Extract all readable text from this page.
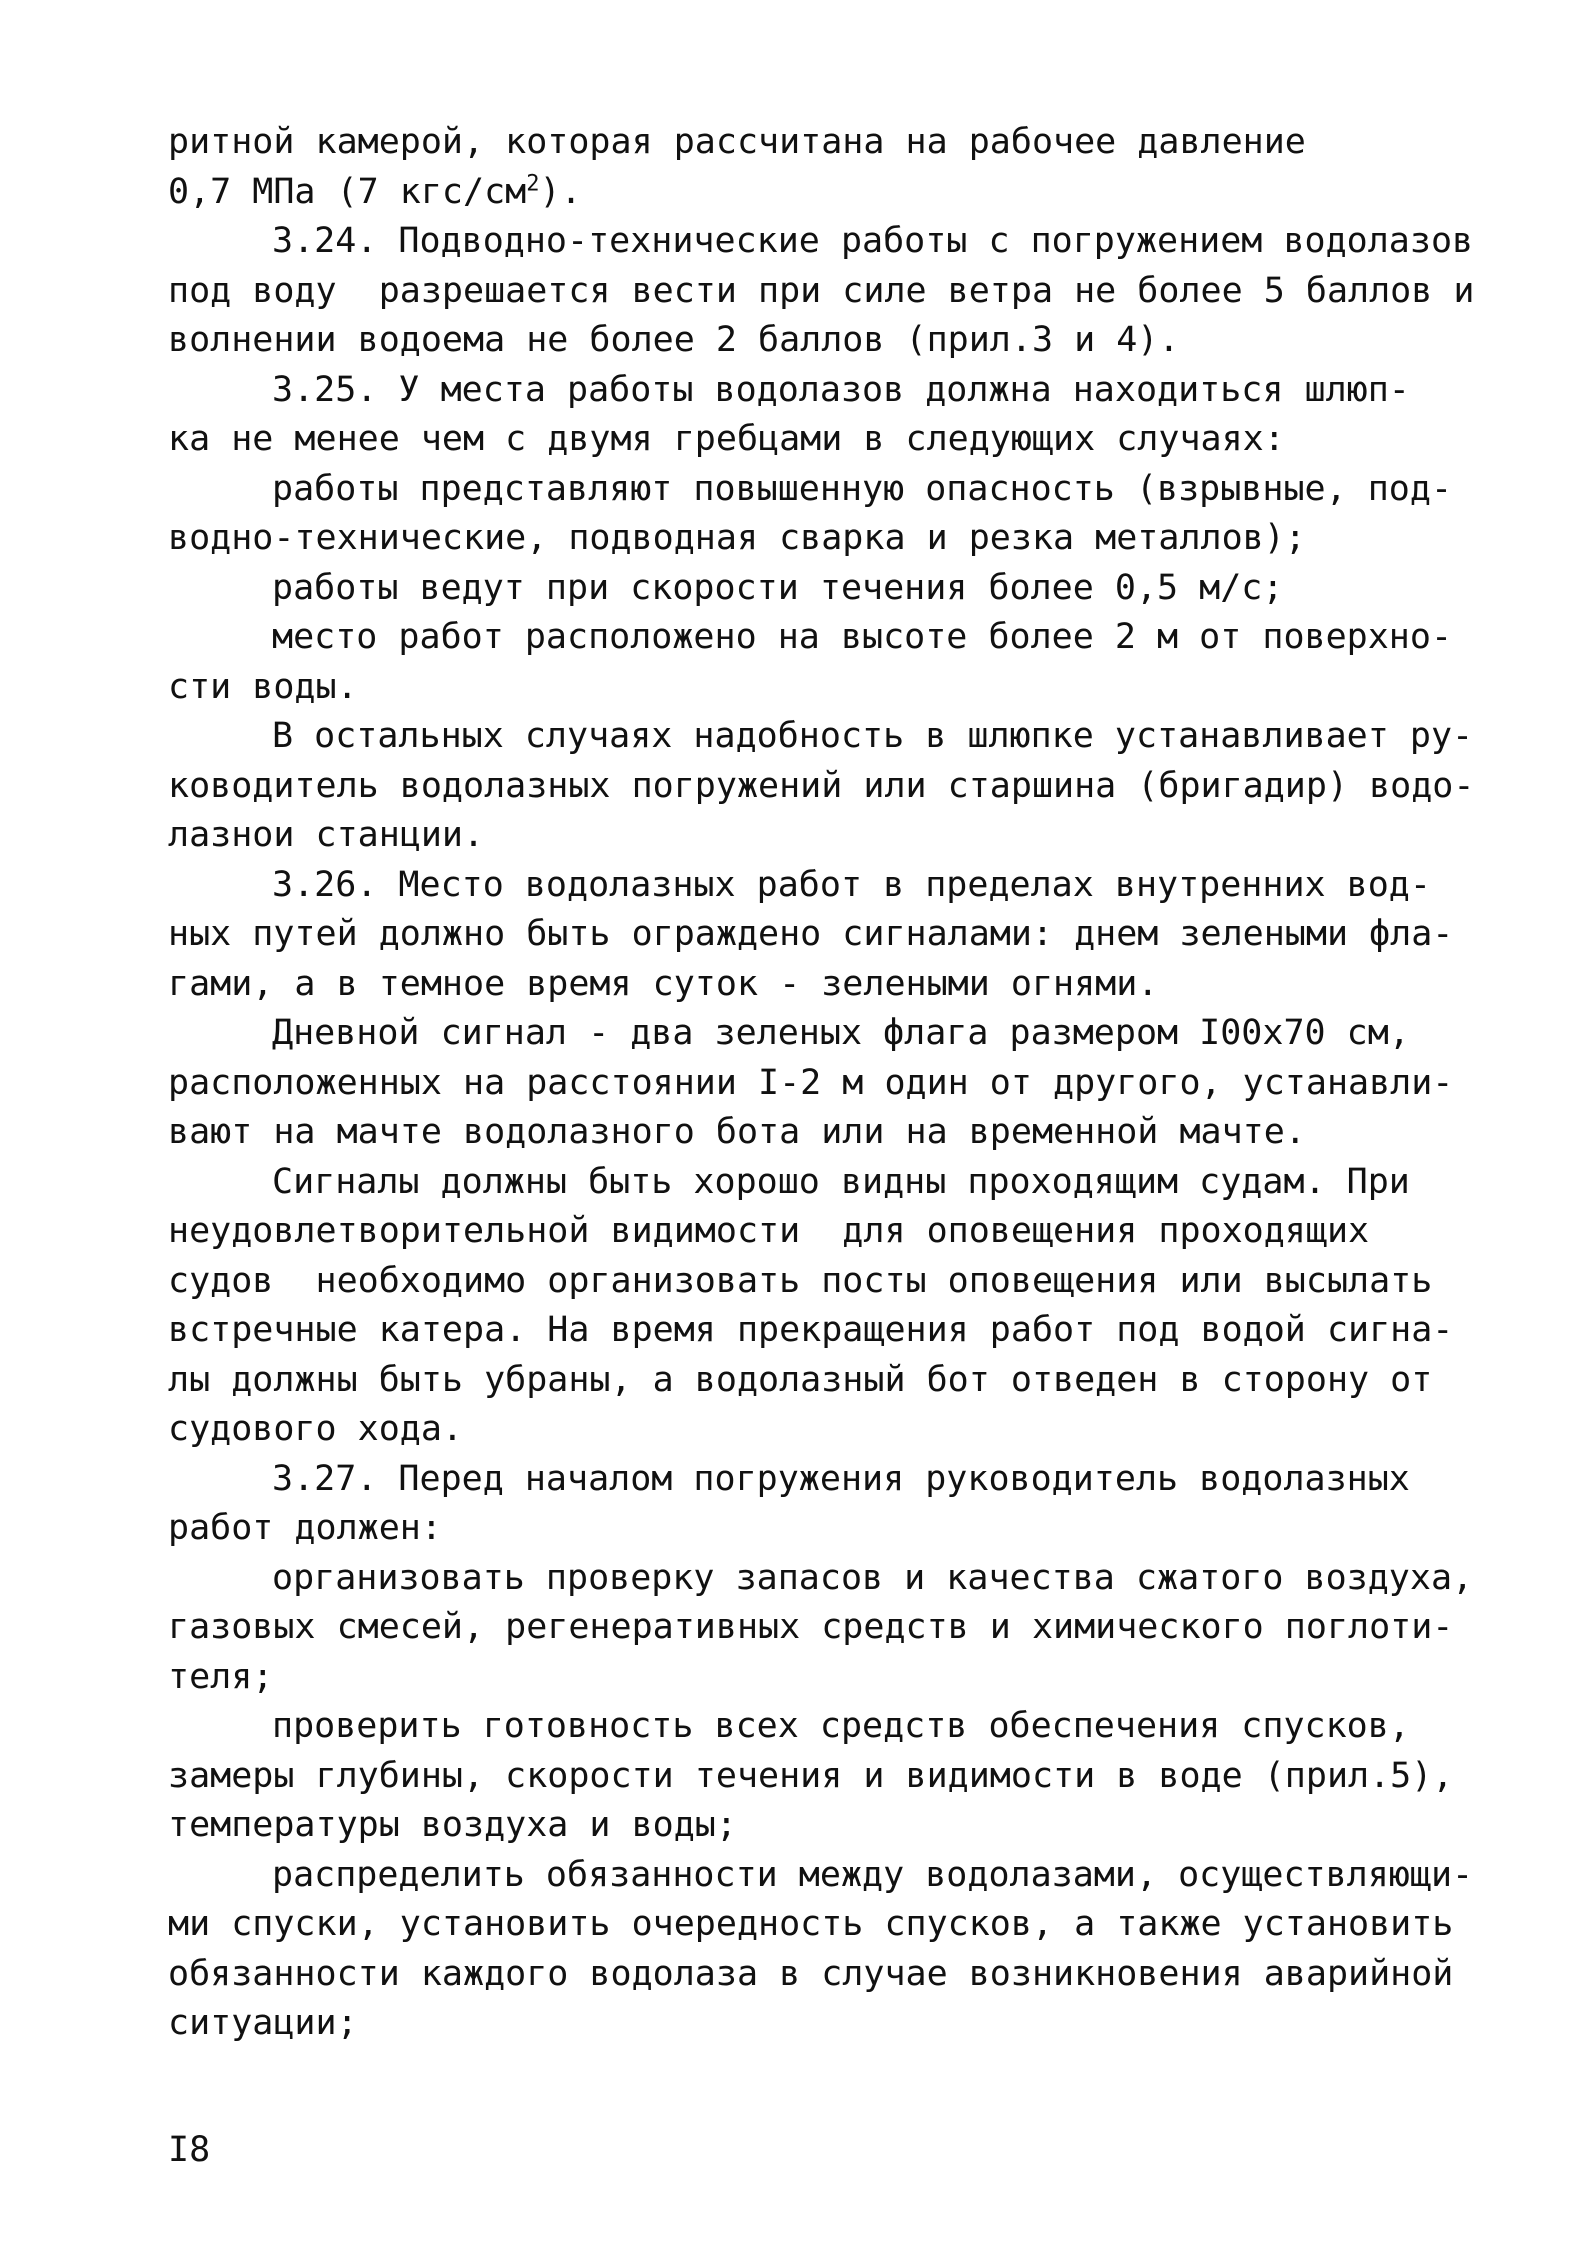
ритной камерой, которая рассчитана на рабочее давление
0,7 МПа (7 кгс/$см^2$).
3.24. Подводно-технические работы с погружением водолазов
под воду  разрешается вести при силе ветра не более 5 баллов и
волнении водоема не более 2 баллов (прил.3 и 4).
3.25. У места работы водолазов должна находиться шлюп-
ка не менее чем с двумя гребцами в следующих случаях:
работы представляют повышенную опасность (взрывные, под-
водно-технические, подводная сварка и резка металлов);
работы ведут при скорости течения более 0,5 м/с;
место работ расположено на высоте более 2 м от поверхно-
сти воды.
В остальных случаях надобность в шлюпке устанавливает ру-
ководитель водолазных погружений или старшина (бригадир) водо-
лазнои станции.
3.26. Место водолазных работ в пределах внутренних вод-
ных путей должно быть ограждено сигналами: днем зелеными фла-
гами, а в темное время суток - зелеными огнями.
Дневной сигнал - два зеленых флага размером I00x70 см,
расположенных на расстоянии I-2 м один от другого, устанавли-
вают на мачте водолазного бота или на временной мачте.
Сигналы должны быть хорошо видны проходящим судам. При
неудовлетворительной видимости  для оповещения проходящих
судов  необходимо организовать посты оповещения или высылать
встречные катера. На время прекращения работ под водой сигна-
лы должны быть убраны, а водолазный бот отведен в сторону от
судового хода.
3.27. Перед началом погружения руководитель водолазных
работ должен:
организовать проверку запасов и качества сжатого воздуха,
газовых смесей, регенеративных средств и химического поглоти-
теля;
проверить готовность всех средств обеспечения спусков,
замеры глубины, скорости течения и видимости в воде (прил.5),
температуры воздуха и воды;
распределить обязанности между водолазами, осуществляющи-
ми спуски, установить очередность спусков, а также установить
обязанности каждого водолаза в случае возникновения аварийной
ситуации;
I8
